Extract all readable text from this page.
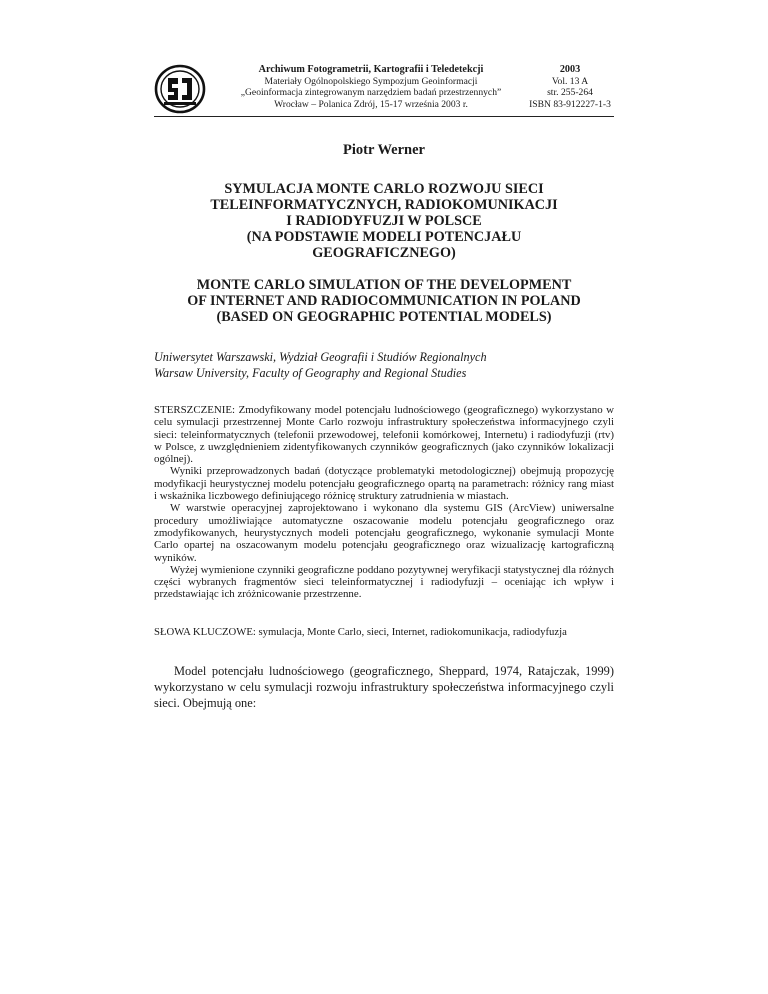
Archiwum Fotogrametrii, Kartografii i Teledetekcji
Materiały Ogólnopolskiego Sympozjum Geoinformacji
„Geoinformacja zintegrowanym narzędziem badań przestrzennych”
Wrocław – Polanica Zdrój, 15-17 września 2003 r.
2003
Vol. 13 A
str. 255-264
ISBN 83-912227-1-3
Piotr Werner
SYMULACJA MONTE CARLO ROZWOJU SIECI
TELEINFORMATYCZNYCH, RADIOKOMUNIKACJI
I RADIODYFUZJI W POLSCE
(NA PODSTAWIE MODELI POTENCJAŁU
GEOGRAFICZNEGO)
MONTE CARLO SIMULATION OF THE DEVELOPMENT
OF INTERNET AND RADIOCOMMUNICATION IN POLAND
(BASED ON GEOGRAPHIC POTENTIAL MODELS)
Uniwersytet Warszawski, Wydział Geografii i Studiów Regionalnych
Warsaw University, Faculty of Geography and Regional Studies

STERSZCZENIE: Zmodyfikowany model potencjału ludnościowego (geograficznego) wykorzystano w celu symulacji przestrzennej Monte Carlo rozwoju infrastruktury społeczeństwa informacyjnego czyli sieci: teleinformatycznych (telefonii przewodowej, telefonii komórkowej, Internetu) i radiodyfuzji (rtv) w Polsce, z uwzględnieniem zidentyfikowanych czynników geograficznych (jako czynników lokalizacji ogólnej).

Wyniki przeprowadzonych badań (dotyczące problematyki metodologicznej) obejmują propozycję modyfikacji heurystycznej modelu potencjału geograficznego opartą na parametrach: różnicy rang miast i wskaźnika liczbowego definiującego różnicę struktury zatrudnienia w miastach.

W warstwie operacyjnej zaprojektowano i wykonano dla systemu GIS (ArcView) uniwersalne procedury umożliwiające automatyczne oszacowanie modelu potencjału geograficznego oraz zmodyfikowanych, heurystycznych modeli potencjału geograficznego, wykonanie symulacji Monte Carlo opartej na oszacowanym modelu potencjału geograficznego oraz wizualizację kartograficzną wyników.

Wyżej wymienione czynniki geograficzne poddano pozytywnej weryfikacji statystycznej dla różnych części wybranych fragmentów sieci teleinformatycznej i radiodyfuzji – oceniając ich wpływ i przedstawiając ich zróżnicowanie przestrzenne.

SŁOWA KLUCZOWE: symulacja, Monte Carlo, sieci, Internet, radiokomunikacja, radiodyfuzja

Model potencjału ludnościowego (geograficznego, Sheppard, 1974, Ratajczak, 1999) wykorzystano w celu symulacji rozwoju infrastruktury społeczeństwa informacyjnego czyli sieci. Obejmują one:
